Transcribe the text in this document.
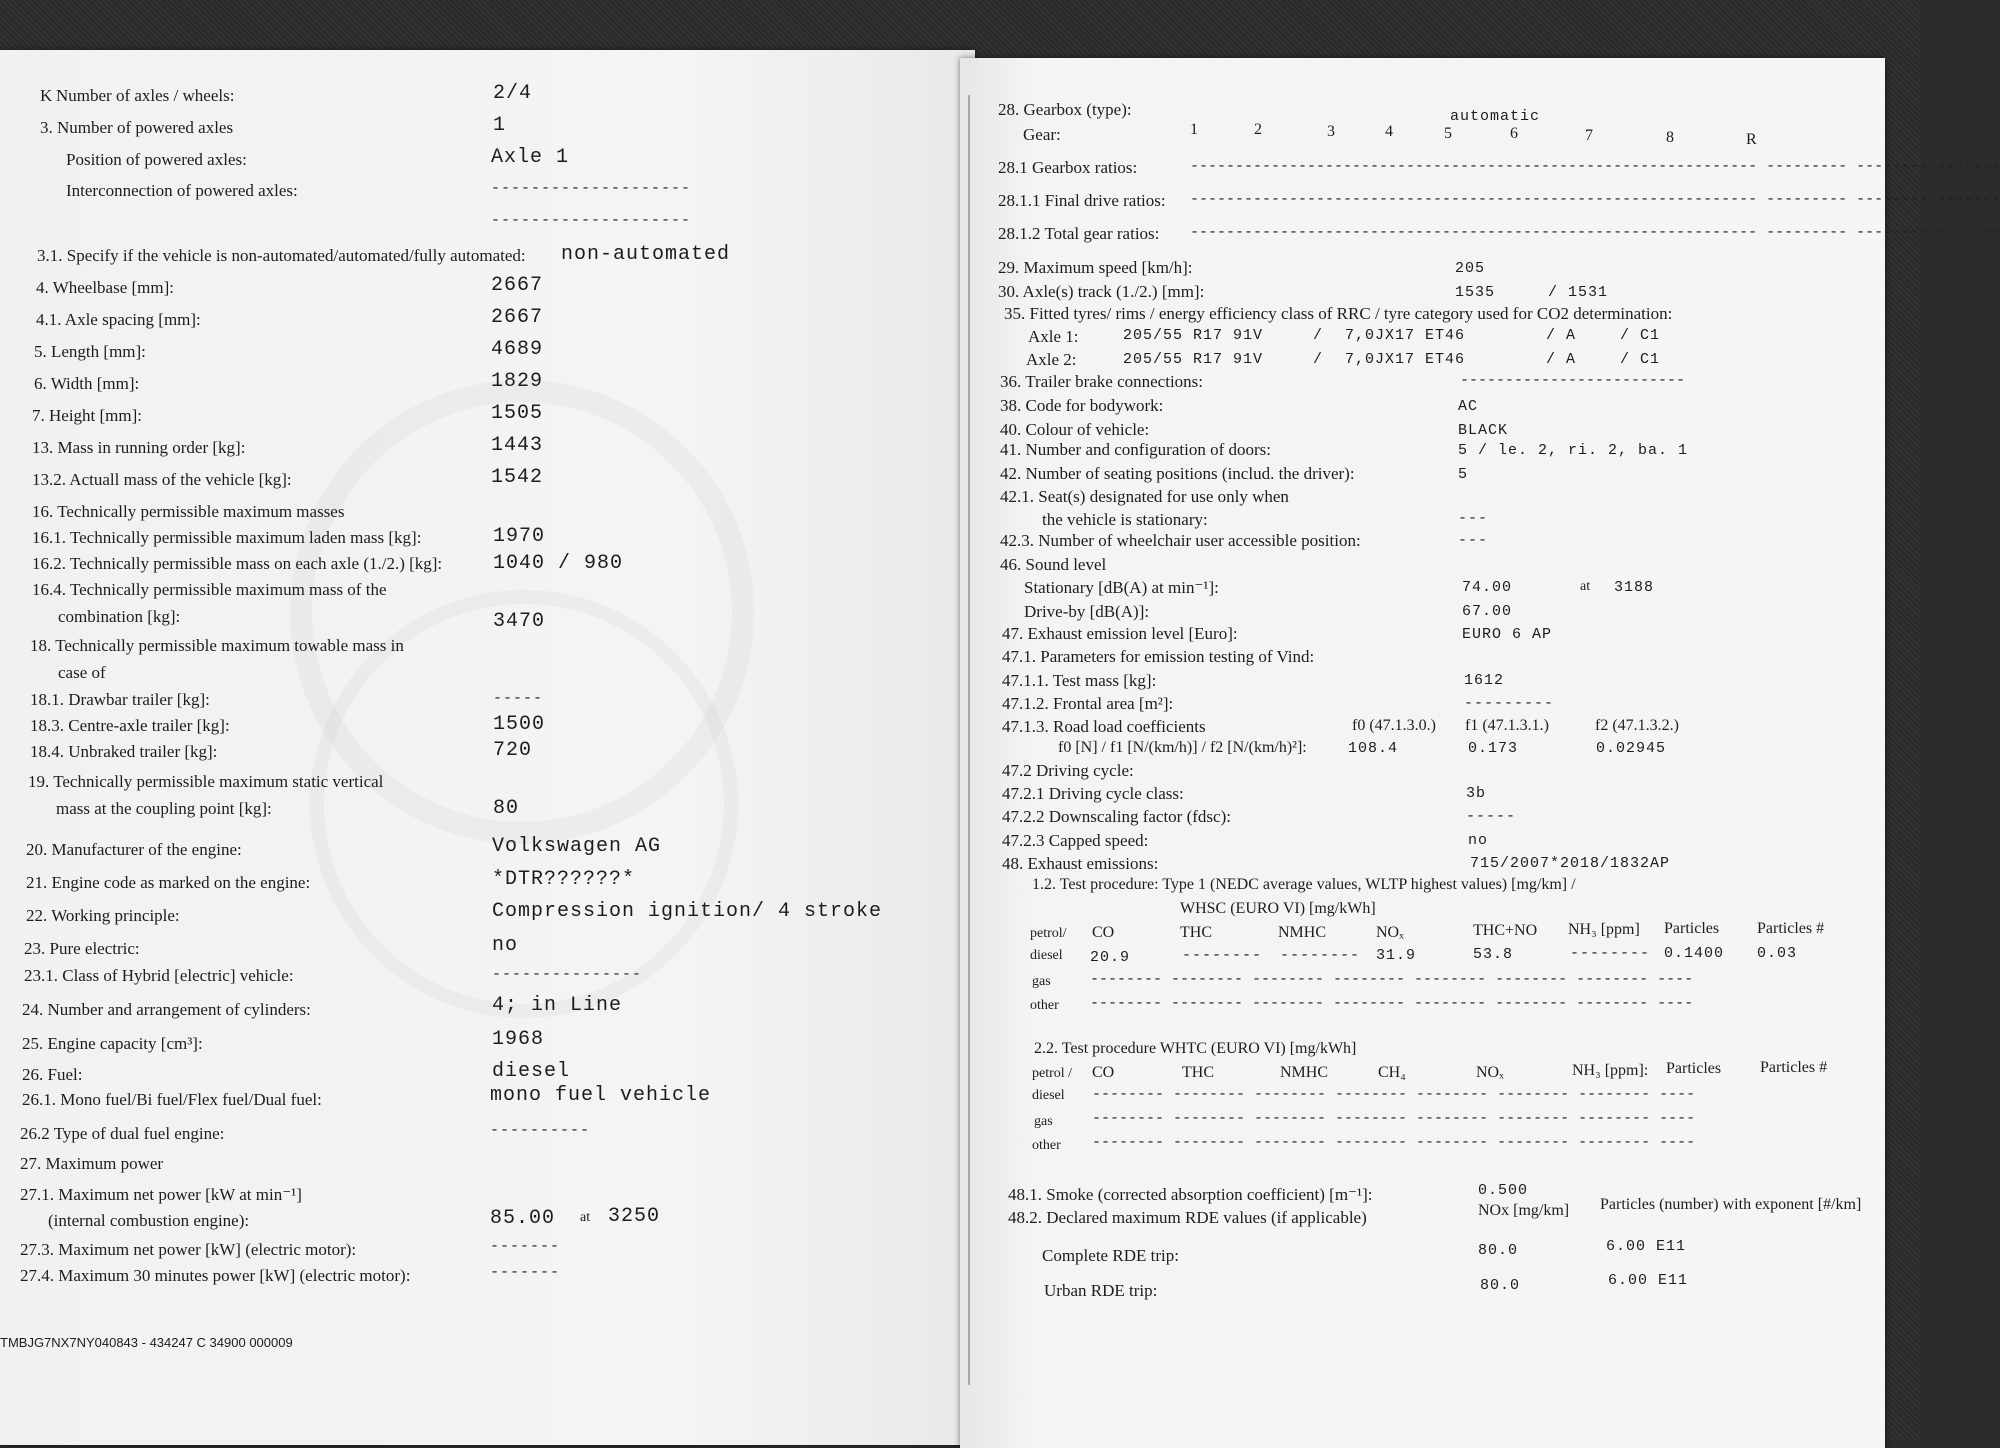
K Number of axles / wheels:	2/4
3. Number of powered axles	1
Position of powered axles:	Axle 1
Interconnection of powered axles:	--------------------
--------------------
3.1. Specify if the vehicle is non-automated/automated/fully automated: non-automated
4. Wheelbase [mm]:	2667
4.1. Axle spacing [mm]:	2667
5. Length [mm]:	4689
6. Width [mm]:	1829
7. Height [mm]:	1505
13. Mass in running order [kg]:	1443
13.2. Actuall mass of the vehicle [kg]:	1542
16. Technically permissible maximum masses
16.1. Technically permissible maximum laden mass [kg]:	1970
16.2. Technically permissible mass on each axle (1./2.) [kg]:	1040 / 980
16.4. Technically permissible maximum mass of the
combination [kg]:	3470
18. Technically permissible maximum towable mass in
case of
18.1. Drawbar trailer [kg]:	-----
18.3. Centre-axle trailer [kg]:	1500
18.4. Unbraked trailer [kg]:	720
19. Technically permissible maximum static vertical
mass at the coupling point [kg]:	80
20. Manufacturer of the engine:	Volkswagen AG
21. Engine code as marked on the engine:	*DTR??????*
22. Working principle:	Compression ignition/ 4 stroke
23. Pure electric:	no
23.1. Class of Hybrid [electric] vehicle:	---------------
24. Number and arrangement of cylinders:	4; in Line
25. Engine capacity [cm³]:	1968
26. Fuel:	diesel
26.1. Mono fuel/Bi fuel/Flex fuel/Dual fuel:	mono fuel vehicle
26.2 Type of dual fuel engine:	----------
27. Maximum power
27.1. Maximum net power [kW at min⁻¹]
(internal combustion engine):	85.00 at 3250
27.3. Maximum net power [kW] (electric motor):	-------
27.4. Maximum 30 minutes power [kW] (electric motor):	-------
TMBJG7NX7NY040843 - 434247 C 34900 000009
28. Gearbox (type):	automatic
Gear:	1	2	3	4	5	6	7	8	R
28.1 Gearbox ratios:	--------------------------------------------------------------- --------- -------- -------
28.1.1 Final drive ratios: --------------------------------------------------------------- --------- -------- -------
28.1.2 Total gear ratios: --------------------------------------------------------------- --------- -------- -------
29. Maximum speed [km/h]:	205
30. Axle(s) track (1./2.) [mm]:	1535	/ 1531
35. Fitted tyres/ rims / energy efficiency class of RRC / tyre category used for CO2 determination:
Axle 1:	205/55 R17 91V	/ 7,0JX17 ET46	/ A	/ C1
Axle 2:	205/55 R17 91V	/ 7,0JX17 ET46	/ A	/ C1
36. Trailer brake connections:	-------------------------
38. Code for bodywork:	AC
40. Colour of vehicle:	BLACK
41. Number and configuration of doors:	5 / le. 2, ri. 2, ba. 1
42. Number of seating positions (includ. the driver):	5
42.1. Seat(s) designated for use only when
the vehicle is stationary:	---
42.3. Number of wheelchair user accessible position:	---
46. Sound level
Stationary [dB(A) at min⁻¹]:	74.00	at 3188
Drive-by [dB(A)]:	67.00
47. Exhaust emission level [Euro]:	EURO 6 AP
47.1. Parameters for emission testing of Vind:
47.1.1. Test mass [kg]:	1612
47.1.2. Frontal area [m²]:	---------
47.1.3. Road load coefficients	f0 (47.1.3.0.) f1 (47.1.3.1.)	f2 (47.1.3.2.)
f0 [N] / f1 [N/(km/h)] / f2 [N/(km/h)²]:	108.4	0.173	0.02945
47.2 Driving cycle:
47.2.1 Driving cycle class:	3b
47.2.2 Downscaling factor (fdsc):	-----
47.2.3 Capped speed:	no
48. Exhaust emissions:	715/2007*2018/1832AP
1.2. Test procedure: Type 1 (NEDC average values, WLTP highest values) [mg/km] /
WHSC (EURO VI) [mg/kWh]
petrol/ CO	THC	NMHC	NOₓ	THC+NO NH₃ [ppm] Particles Particles #
diesel 20.9	-------- -------- 31.9	53.8	-------- 0.1400 0.03
gas	-------- -------- -------- -------- -------- -------- -------- ----
other -------- -------- -------- -------- -------- -------- -------- ----
2.2. Test procedure WHTC (EURO VI) [mg/kWh]
petrol / CO	THC	NMHC	CH₄	NOₓ	NH₃ [ppm]: Particles Particles #
diesel -------- -------- -------- -------- -------- -------- -------- ----
gas	-------- -------- -------- -------- -------- -------- -------- ----
other -------- -------- -------- -------- -------- -------- -------- ----
48.1. Smoke (corrected absorption coefficient) [m⁻¹]:	0.500
48.2. Declared maximum RDE values (if applicable)	NOx [mg/km] Particles (number) with exponent [#/km]
Complete RDE trip:	80.0	6.00 E11
Urban RDE trip:	80.0	6.00 E11
